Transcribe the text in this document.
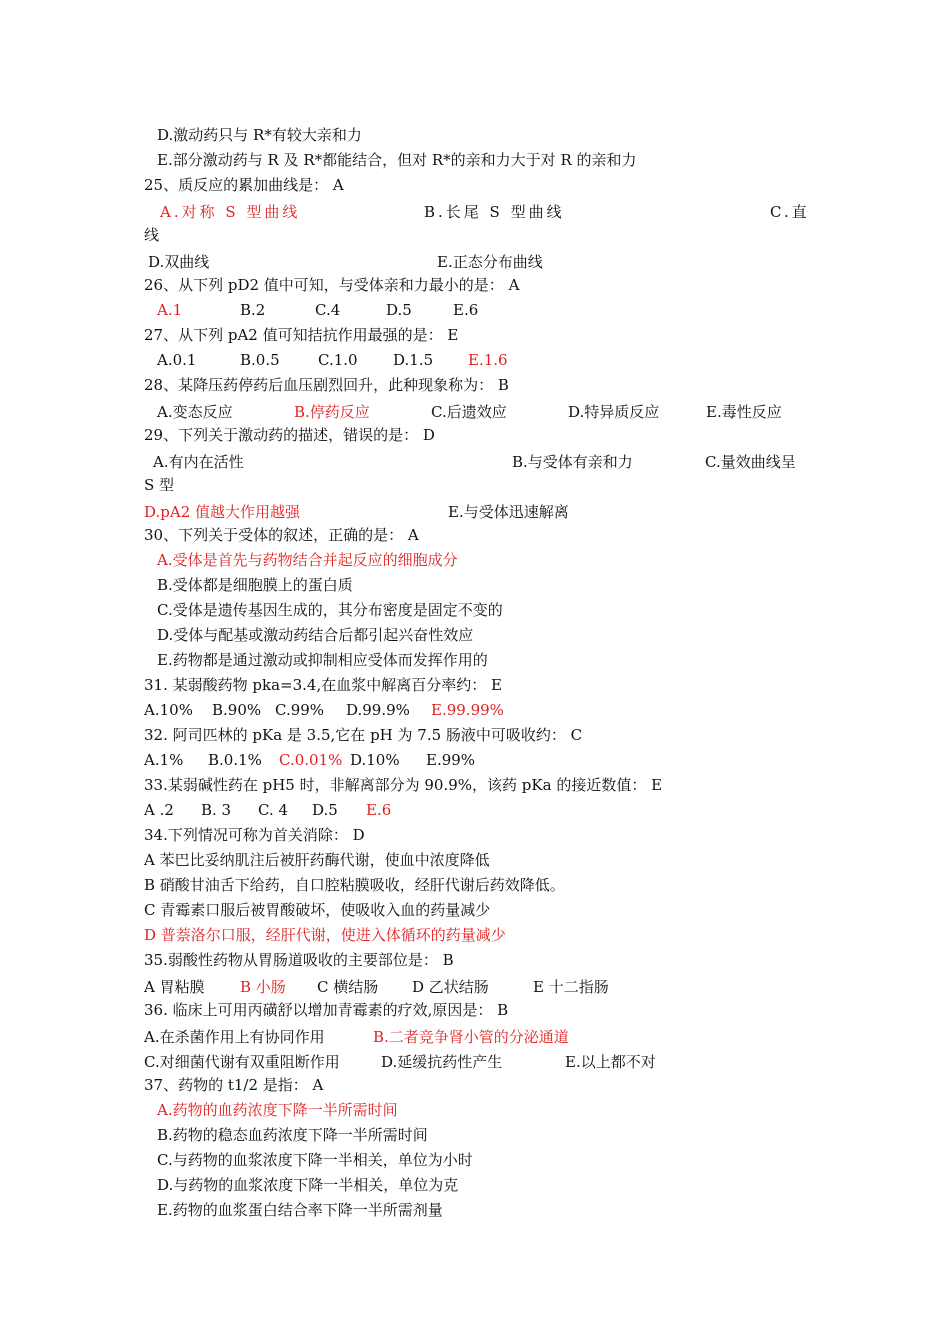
D.激动药只与 R*有较大亲和力
E.部分激动药与 R 及 R*都能结合，但对 R*的亲和力大于对 R 的亲和力
25、质反应的累加曲线是： A
A.对称 S 型曲线	B.长尾 S 型曲线	C.直
线
D.双曲线	E.正态分布曲线
26、从下列 pD2 值中可知，与受体亲和力最小的是： A
A.1	B.2	C.4	D.5	E.6
27、从下列 pA2 值可知拮抗作用最强的是： E
A.0.1	B.0.5	C.1.0 D.1.5 E.1.6
28、某降压药停药后血压剧烈回升，此种现象称为： B
A.变态反应	B.停药反应	C.后遗效应	D.特异质反应	E.毒性反应
29、下列关于激动药的描述，错误的是： D
A.有内在活性	B.与受体有亲和力	C.量效曲线呈
S 型
D.pA2 值越大作用越强	E.与受体迅速解离
30、下列关于受体的叙述，正确的是： A
A.受体是首先与药物结合并起反应的细胞成分
B.受体都是细胞膜上的蛋白质
C.受体是遗传基因生成的，其分布密度是固定不变的
D.受体与配基或激动药结合后都引起兴奋性效应
E.药物都是通过激动或抑制相应受体而发挥作用的
31. 某弱酸药物 pka=3.4,在血浆中解离百分率约： E
A.10% B.90% C.99% D.99.9% E.99.99%
32. 阿司匹林的 pKa 是 3.5,它在 pH 为 7.5 肠液中可吸收约： C
A.1% B.0.1% C.0.01% D.10% E.99%
33.某弱碱性药在 pH5 时，非解离部分为 90.9%，该药 pKa 的接近数值： E
A .2 B. 3 C. 4 D.5 E.6
34.下列情况可称为首关消除： D
A 苯巴比妥纳肌注后被肝药酶代谢，使血中浓度降低
B 硝酸甘油舌下给药，自口腔粘膜吸收，经肝代谢后药效降低。
C 青霉素口服后被胃酸破坏，使吸收入血的药量减少
D 普萘洛尔口服，经肝代谢，使进入体循环的药量减少
35.弱酸性药物从胃肠道吸收的主要部位是： B
A 胃粘膜 B 小肠 C 横结肠 D 乙状结肠	E 十二指肠
36. 临床上可用丙磺舒以增加青霉素的疗效,原因是： B
A.在杀菌作用上有协同作用	B.二者竞争肾小管的分泌通道
C.对细菌代谢有双重阻断作用	D.延缓抗药性产生	E.以上都不对
37、药物的 t1/2 是指： A
A.药物的血药浓度下降一半所需时间
B.药物的稳态血药浓度下降一半所需时间
C.与药物的血浆浓度下降一半相关，单位为小时
D.与药物的血浆浓度下降一半相关，单位为克
E.药物的血浆蛋白结合率下降一半所需剂量
